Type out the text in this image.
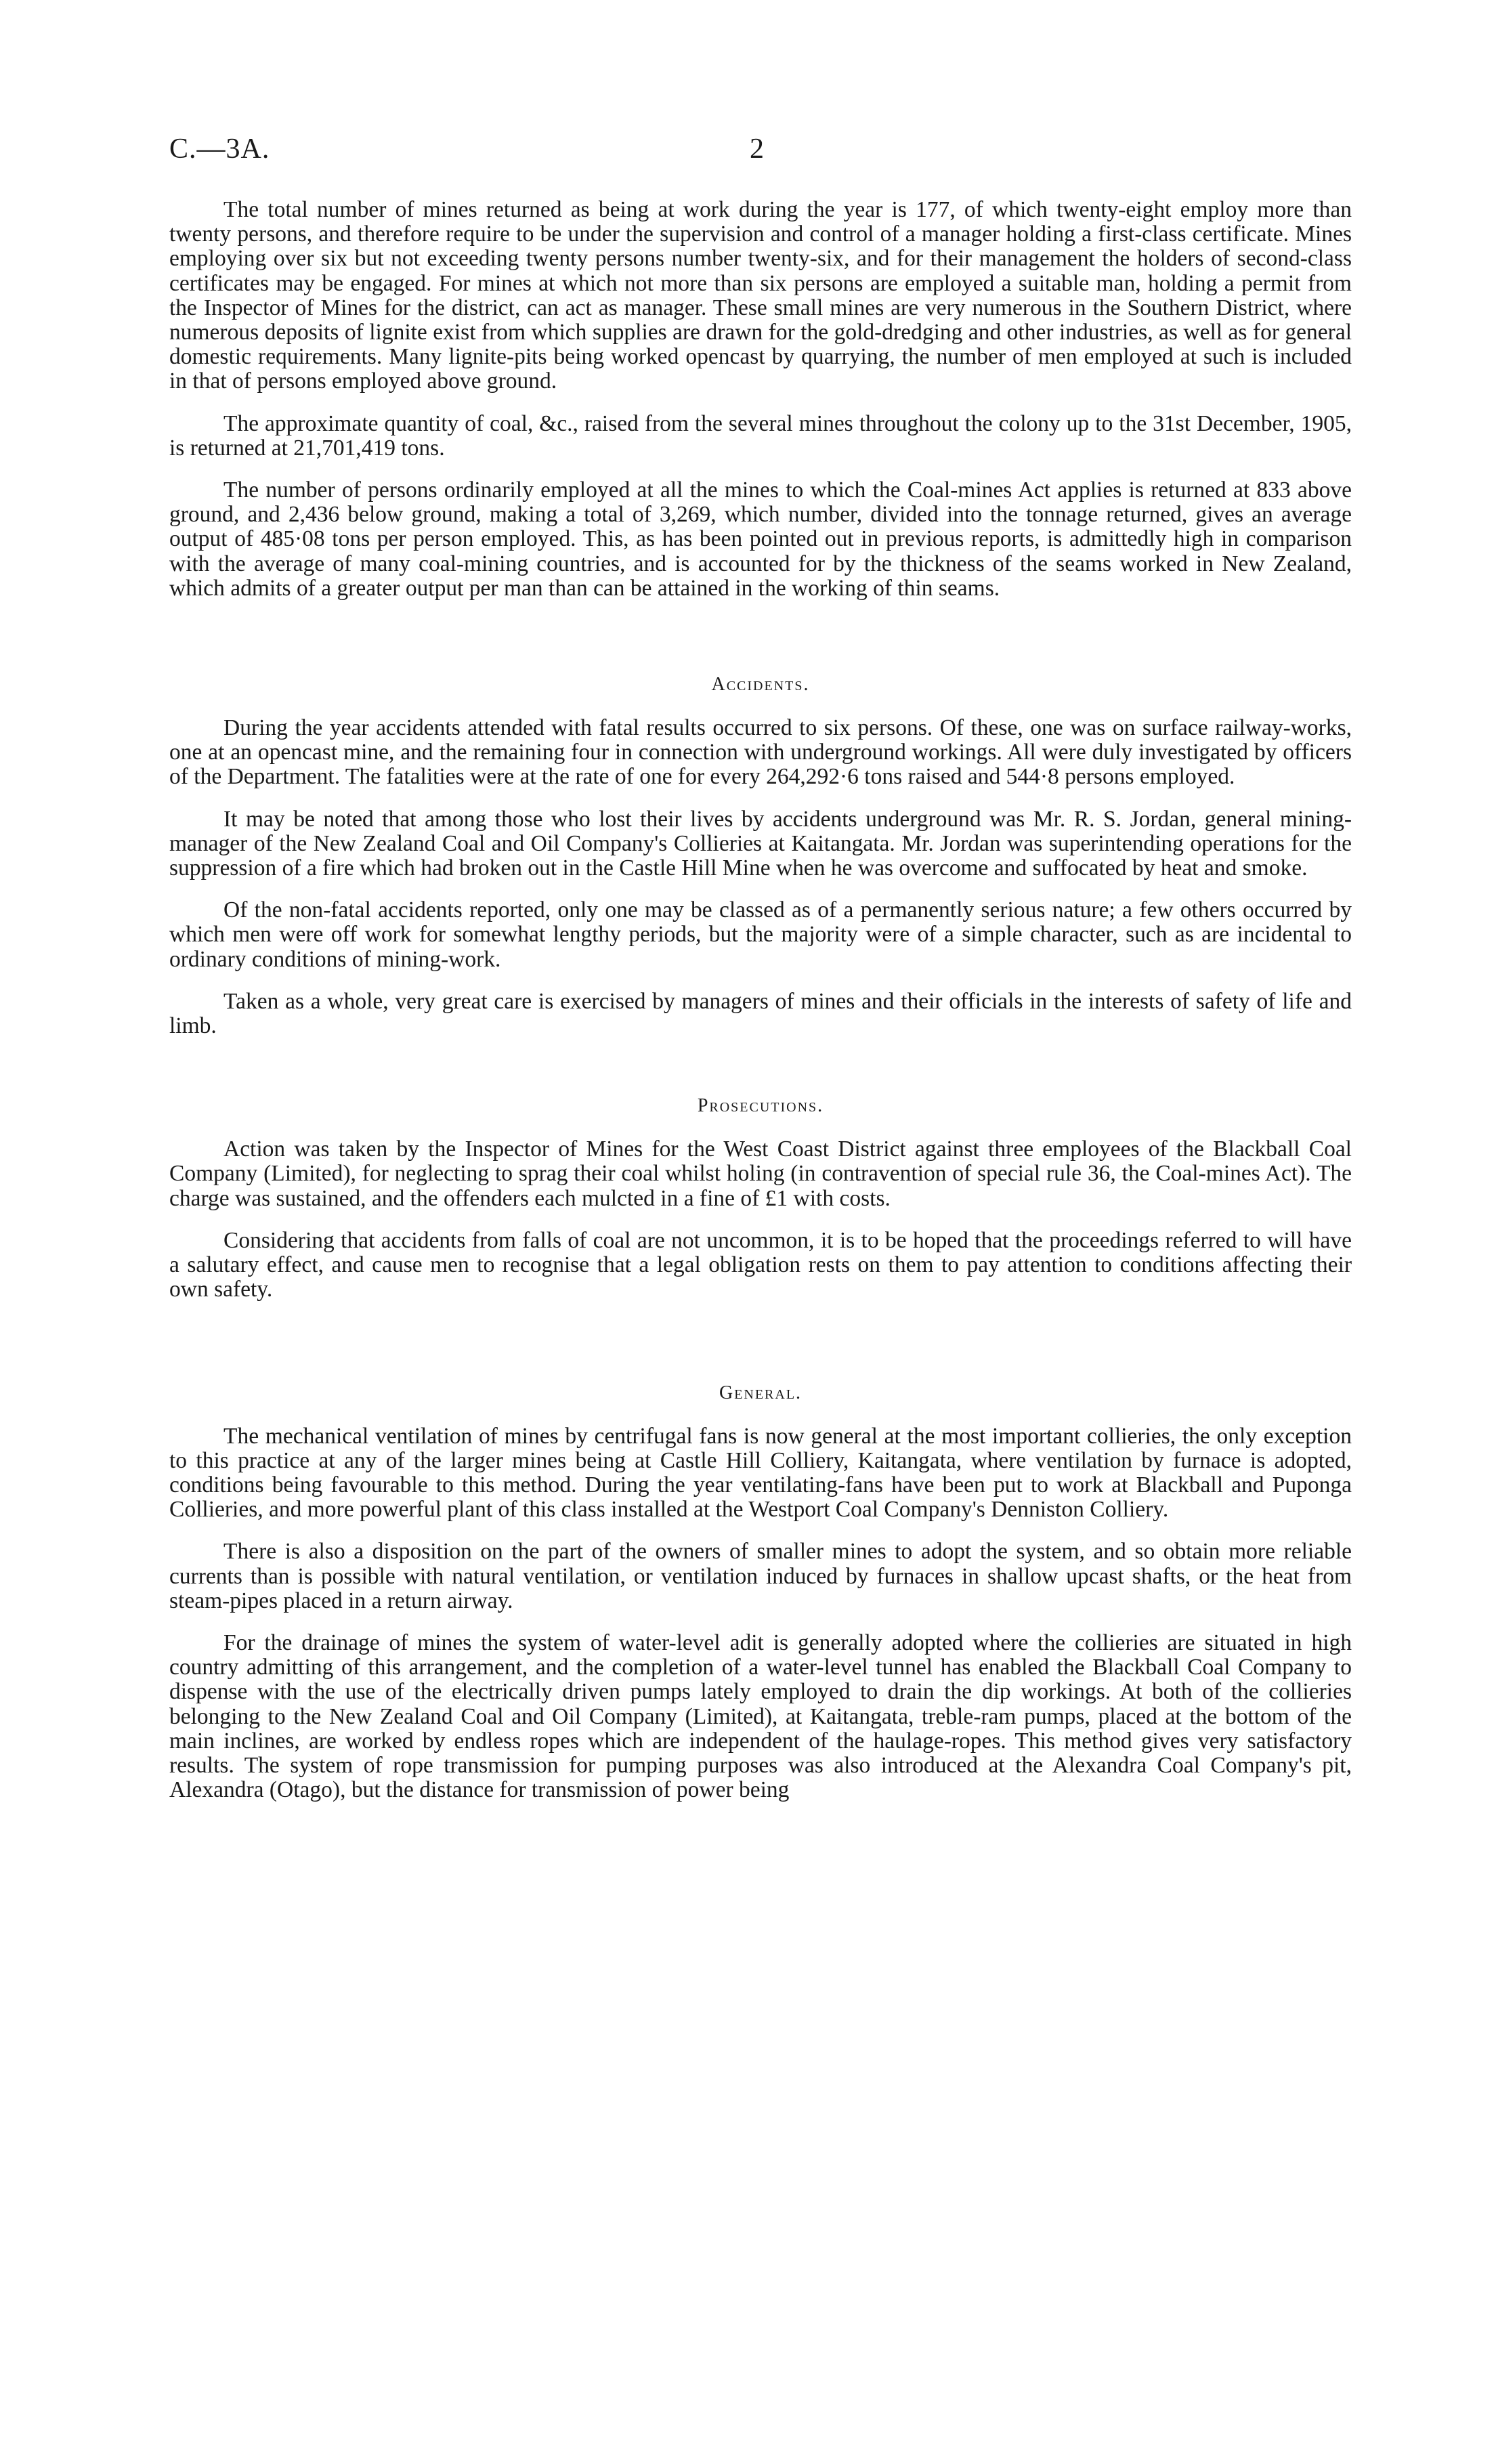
C.—3A.	2

The total number of mines returned as being at work during the year is 177, of which twenty-eight employ more than twenty persons, and therefore require to be under the supervision and control of a manager holding a first-class certificate. Mines employing over six but not exceeding twenty persons number twenty-six, and for their management the holders of second-class certificates may be engaged. For mines at which not more than six persons are employed a suitable man, holding a permit from the Inspector of Mines for the district, can act as manager. These small mines are very numerous in the Southern District, where numerous deposits of lignite exist from which supplies are drawn for the gold-dredging and other industries, as well as for general domestic requirements. Many lignite-pits being worked opencast by quarrying, the number of men employed at such is included in that of persons employed above ground.

The approximate quantity of coal, &c., raised from the several mines throughout the colony up to the 31st December, 1905, is returned at 21,701,419 tons.

The number of persons ordinarily employed at all the mines to which the Coal-mines Act applies is returned at 833 above ground, and 2,436 below ground, making a total of 3,269, which number, divided into the tonnage returned, gives an average output of 485·08 tons per person employed. This, as has been pointed out in previous reports, is admittedly high in comparison with the average of many coal-mining countries, and is accounted for by the thickness of the seams worked in New Zealand, which admits of a greater output per man than can be attained in the working of thin seams.

Accidents.

During the year accidents attended with fatal results occurred to six persons. Of these, one was on surface railway-works, one at an opencast mine, and the remaining four in connection with underground workings. All were duly investigated by officers of the Department. The fatalities were at the rate of one for every 264,292·6 tons raised and 544·8 persons employed.

It may be noted that among those who lost their lives by accidents underground was Mr. R. S. Jordan, general mining-manager of the New Zealand Coal and Oil Company's Collieries at Kaitangata. Mr. Jordan was superintending operations for the suppression of a fire which had broken out in the Castle Hill Mine when he was overcome and suffocated by heat and smoke.

Of the non-fatal accidents reported, only one may be classed as of a permanently serious nature; a few others occurred by which men were off work for somewhat lengthy periods, but the majority were of a simple character, such as are incidental to ordinary conditions of mining-work.

Taken as a whole, very great care is exercised by managers of mines and their officials in the interests of safety of life and limb.

Prosecutions.

Action was taken by the Inspector of Mines for the West Coast District against three employees of the Blackball Coal Company (Limited), for neglecting to sprag their coal whilst holing (in contravention of special rule 36, the Coal-mines Act). The charge was sustained, and the offenders each mulcted in a fine of £1 with costs.

Considering that accidents from falls of coal are not uncommon, it is to be hoped that the proceedings referred to will have a salutary effect, and cause men to recognise that a legal obligation rests on them to pay attention to conditions affecting their own safety.

General.

The mechanical ventilation of mines by centrifugal fans is now general at the most important collieries, the only exception to this practice at any of the larger mines being at Castle Hill Colliery, Kaitangata, where ventilation by furnace is adopted, conditions being favourable to this method. During the year ventilating-fans have been put to work at Blackball and Puponga Collieries, and more powerful plant of this class installed at the Westport Coal Company's Denniston Colliery.

There is also a disposition on the part of the owners of smaller mines to adopt the system, and so obtain more reliable currents than is possible with natural ventilation, or ventilation induced by furnaces in shallow upcast shafts, or the heat from steam-pipes placed in a return airway.

For the drainage of mines the system of water-level adit is generally adopted where the collieries are situated in high country admitting of this arrangement, and the completion of a water-level tunnel has enabled the Blackball Coal Company to dispense with the use of the electrically driven pumps lately employed to drain the dip workings. At both of the collieries belonging to the New Zealand Coal and Oil Company (Limited), at Kaitangata, treble-ram pumps, placed at the bottom of the main inclines, are worked by endless ropes which are independent of the haulage-ropes. This method gives very satisfactory results. The system of rope transmission for pumping purposes was also introduced at the Alexandra Coal Company's pit, Alexandra (Otago), but the distance for transmission of power being
